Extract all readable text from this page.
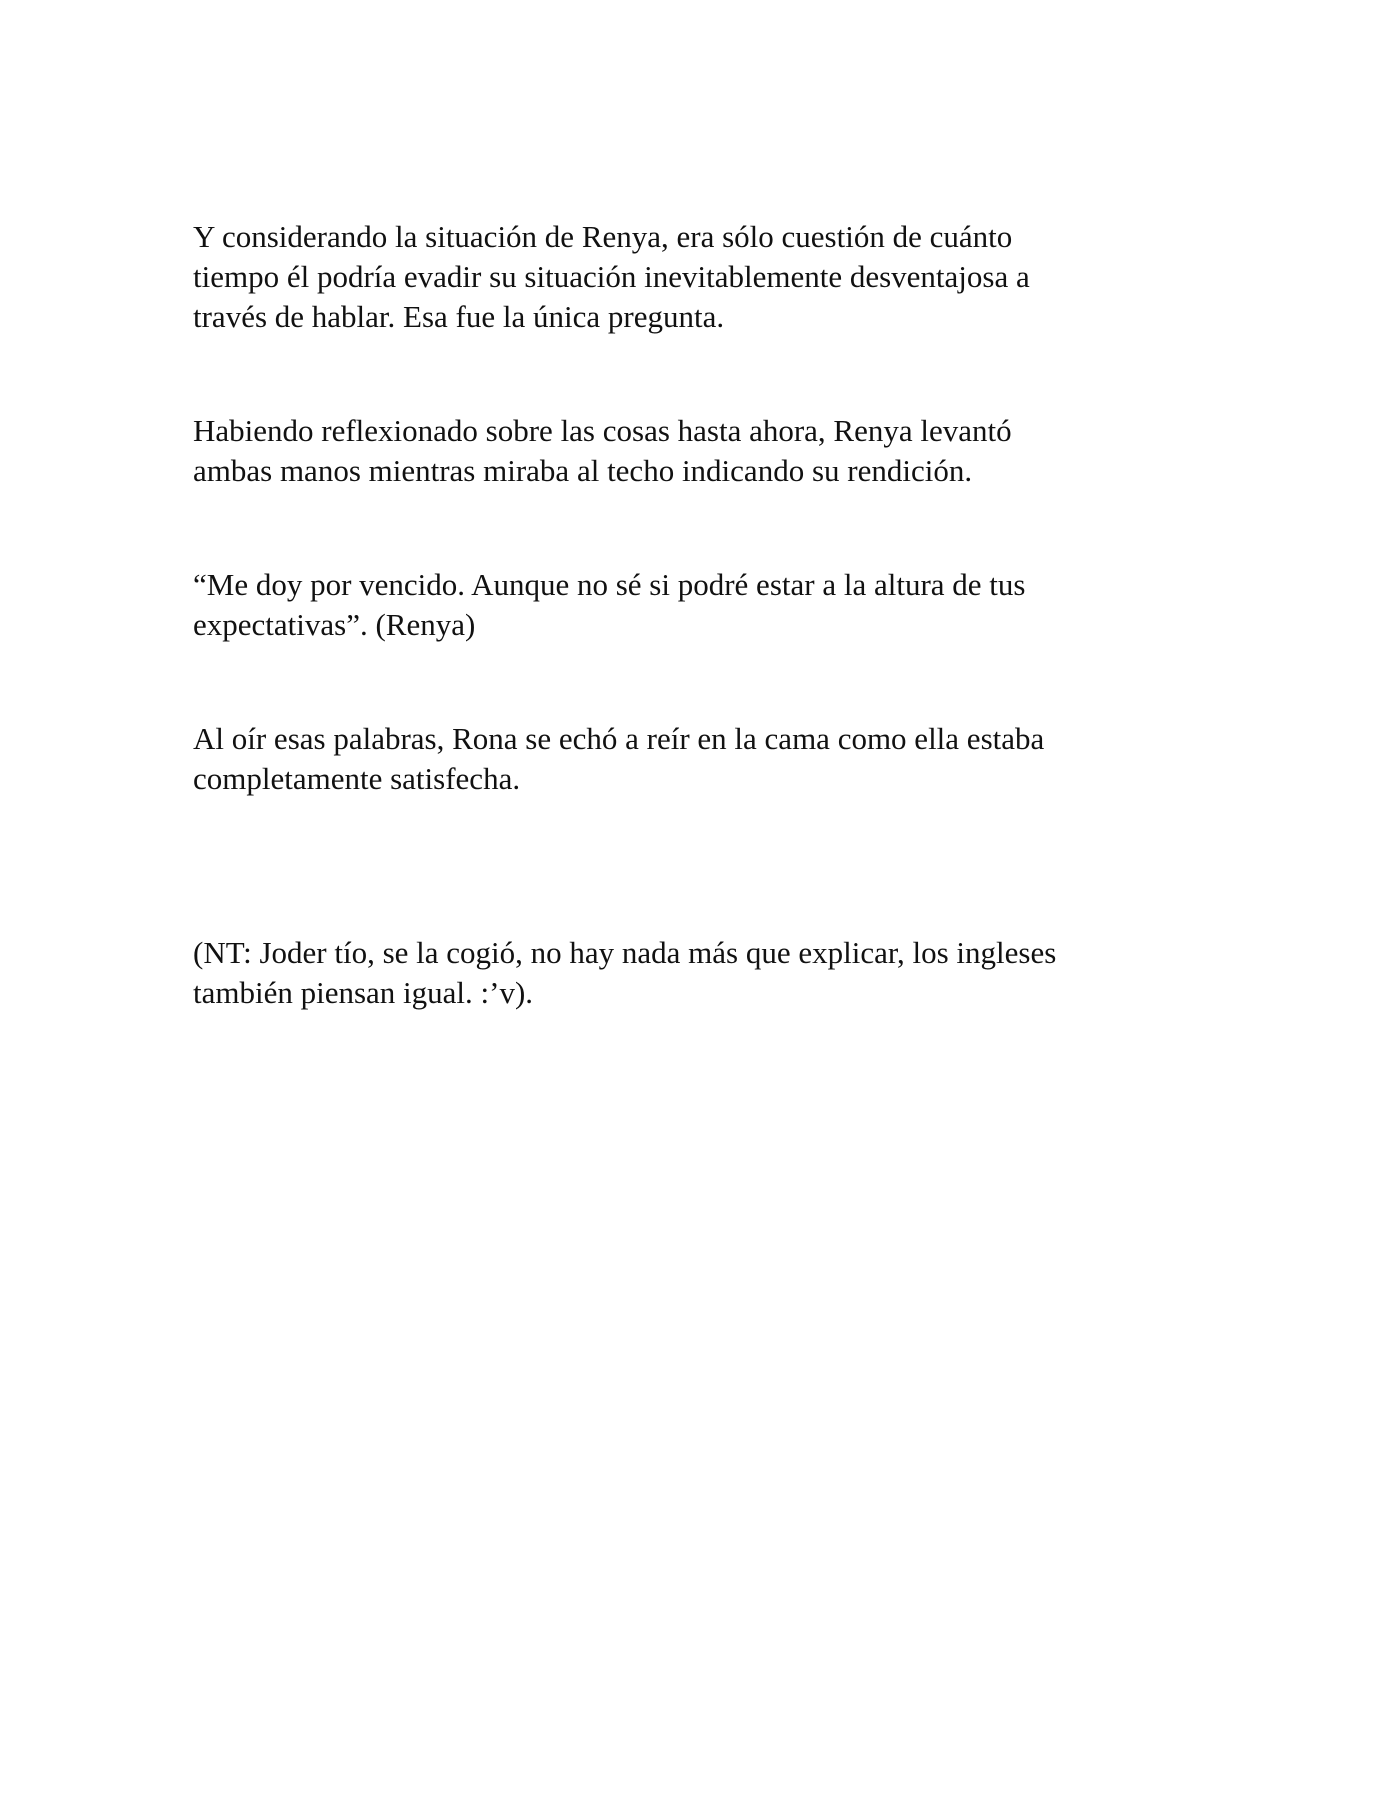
Y considerando la situación de Renya, era sólo cuestión de cuánto
tiempo él podría evadir su situación inevitablemente desventajosa a
través de hablar. Esa fue la única pregunta.

Habiendo reflexionado sobre las cosas hasta ahora, Renya levantó
ambas manos mientras miraba al techo indicando su rendición.

“Me doy por vencido. Aunque no sé si podré estar a la altura de tus
expectativas”. (Renya)

Al oír esas palabras, Rona se echó a reír en la cama como ella estaba
completamente satisfecha.

(NT: Joder tío, se la cogió, no hay nada más que explicar, los ingleses
también piensan igual. :’v).
